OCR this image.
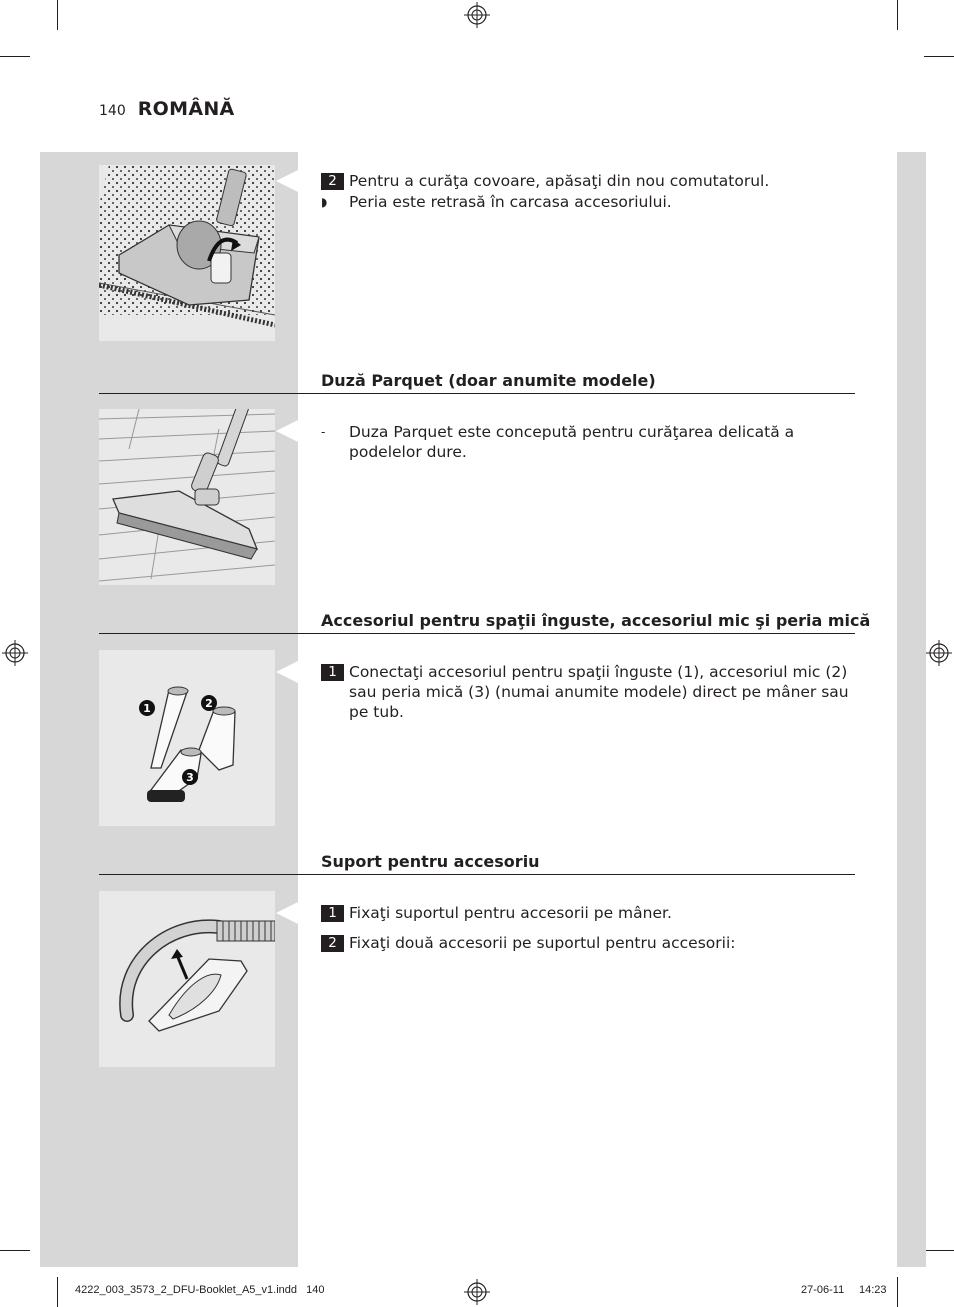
140 ROMÂNĂ
2 Pentru a curăţa covoare, apăsaţi din nou comutatorul.
◗	Peria este retrasă în carcasa accesoriului.
Duză Parquet (doar anumite modele)
-	Duza Parquet este concepută pentru curăţarea delicată a podelelor dure.
Accesoriul pentru spaţii înguste, accesoriul mic şi peria mică
1	2
3
1 Conectaţi accesoriul pentru spaţii înguste (1), accesoriul mic (2) sau peria mică (3) (numai anumite modele) direct pe mâner sau pe tub.
Suport pentru accesoriu
1 Fixaţi suportul pentru accesorii pe mâner.
2 Fixaţi două accesorii pe suportul pentru accesorii:
4222_003_3573_2_DFU-Booklet_A5_v1.indd   140	27-06-11 14:23
